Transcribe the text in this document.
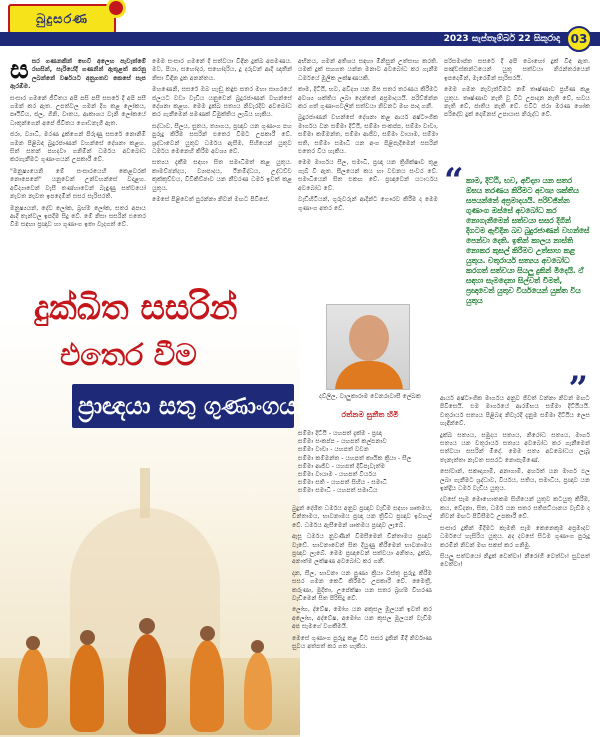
බුදුසරණ
2023 සැප්තැම්බර් 22 සිකුරාදා 03

සසර ගණනකින් හෙවී අලෙහ පැවැත්මේ රහසින්, සැරියේදී ගණනින් ඇතුළත් කරනු ලබන්නේ වර්ෂයට අනුගතව කෙසේ සැප ඇරඹීම.

සංසාර ගමනේ ජීවිතය අපි පසි පසී සසරේ දී අපි පසී ගමන් කර ඇත. උපත්වල ගමන් දිග කළ ලෝකය, පෘථිවිය, ජල, ගිනි, වාතය, ආකාශය වැනි ලෝකයේ ධාතූන්ගෙන් අපේ ජීවිතය ගොඩනැගී ඇත.

ජරා, ව්‍යාධි, මරණ දුක්ගෙන් පිරුණු සසරේ නොනිමි ගමන පිළිබඳ බුදුරජාණන් වහන්සේ දේශනා කළහ. සිත් සතන් පහදවා ගනිමින් ධර්මය අවබෝධ කරගැනීමට ගුණාංගයන් උපකාරී වේ.

"මනුෂ්‍යයෙනි මේ සංසාරයෙහි කෙළවරක් නොපෙනේ" යනුවෙන් උන්වහන්සේ වදාළහ. අවිද්‍යාවෙන් වැසී තණ්හාවෙන් බැඳුණු සත්වයෝ නැවත නැවත ඉපදෙමින් සසර සැරිසරති.

මනුෂ්‍යයන්, දේව ලෝක, බ්‍රහ්ම ලෝක, සතර අපාය ආදී තැන්වල ඉපදීම සිදු වේ. මේ නිසා සසරින් එතෙර වීම සඳහා ප්‍රඥාව හා ගුණාංග ඉතා වැදගත් වේ.

මෙම සංසාර ගමනේ දී සත්වයා විඳින දුක්ඛ අපමණය. මව, පියා, සහෝදර, සහෝදරිය, දූ දරුවන් ආදී ඥාතීන් නිසා විඳින දුක අනන්තය.

මහණෙනි, සසරේ ඔබ හැඬූ කඳුළු සතර මහා සාගරයේ ජලයට වඩා වැඩිය යනුවෙන් බුදුරජාණන් වහන්සේ දේශනා කළහ. මෙම දුක්ඛ සත්‍යය නිවැරදිව අවබෝධ කර ගැනීමෙන් පමණක් විමුක්තිය ලැබිය හැකිය.

සද්ධාව, සීලය, සුතය, ත්‍යාගය, ප්‍රඥාව යන ගුණාංග පහ පුරුදු කිරීම සසරින් එතෙර වීමට උපකාරී වේ. ශ්‍රද්ධාවෙන් යුතුව ධර්මය ඇසීම, සිහියෙන් යුතුව ධර්මය මෙනෙහි කිරීම අවශ්‍ය වේ.

සත්‍යය දැකීම සඳහා සිත සමාධිමත් කළ යුතුය. කාමච්ඡන්දය, ව්‍යාපාදය, ථීනමිද්ධය, උද්ධච්ච කුක්කුච්චය, විචිකිච්ඡාව යන නීවරණ ධර්ම ඉවත් කළ යුතුය.

මෙසේ පිළිවෙත් පුරන්නා නිවන් මඟට පිවිසේ.

අභිනය, ගමන් අතිශය සඳහා මිනිසුන් උත්සාහ කරති. යමක් දුක් සහගත යන්න මනාව අවබෝධ කර ගැනීම ධර්මයේ මූලික ලක්ෂණයකි.

කාම, දිට්ඨි, භව, අවිද්‍යා යන ඕඝ සතර තරණය කිරීමට අවශ්‍ය ශක්තිය ලබා දෙන්නේ අප්‍රමාදයයි. පරිච්ඡින්න කර ගත් ගුණාංගවලින් සත්වයා නිවනට මඟ පාදා ගනී.

බුදුරජාණන් වහන්සේ දේශනා කළ ආර්ය අෂ්ටාංගික මාර්ගය වන සම්මා දිට්ඨි, සම්මා සංකප්ප, සම්මා වාචා, සම්මා කම්මන්ත, සම්මා ආජීව, සම්මා වායාම, සම්මා සති, සම්මා සමාධි යන අංග පිළිපැදීමෙන් සසරින් එතෙර විය හැකිය.

මෙම මාර්ගය සීල, සමාධි, ප්‍රඥා යන ත්‍රිශික්ෂාව තුළ ගැබ් වී ඇත. සීලයෙන් කය හා වචනය සංවර වේ. සමාධියෙන් සිත එකඟ වේ. ප්‍රඥාවෙන් යථාර්ථය අවබෝධ වේ.

වැඩිහිටියන්, ගුරුවරුන් ආදීන්ට ගෞරව කිරීම ද මෙම ගුණාංග අතර වේ.

පරිසමාප්ත සසරේ දී අපි බොහෝ දුක් විඳ ඇත. පඤ්චස්කන්ධයෙන් යුතු සත්වයා නිරන්තරයෙන් ඉපදෙමින්, මැරෙමින් සැරිසරයි.

මෙම ගමන නැවැත්වීමට නම් තෘෂ්ණාව ප්‍රහීණ කළ යුතුය. තෘෂ්ණාව නැති වූ විට උපාදාන නැති වේ, භවය නැති වේ, ජාතිය නැති වේ. එවිට ජරා මරණ ශෝක පරිදේව දුක් දොම්නස් උපායාස නිරුද්ධ වේ.

“ කාම, දිට්ඨි, භව, අවිද්‍යා යන සතර ඕඝය තරණය කිරීමට අවශ්‍ය ශක්තිය සපයන්නේ අප්‍රමාදයයි. පරිච්ඡින්න ගුණාංග ඔස්සේ අවබෝධ කර නොගැනීමෙන් සත්වයා සසර දිගින් දිගටම ඇවිදින බව බුදුරජාණන් වහන්සේ පෙන්වා දෙති. ඉතින් කාලය නාස්ති නොකර කුසල් කිරීමට උත්සාහ කළ යුතුය. චතුරාර්ය සත්‍යය අවබෝධ කරගත් සත්වයා සියලු දුකින් මිදෙයි. ඒ සඳහා සැමදෙනා සිල්වත් වීමත්, ප්‍රඥාවෙන් යුතුව වීර්යයෙන් යුක්ත විය යුතුය
”
දව්ලිල, වාලුකාරාම වෙනරාවාසී ලේඛක
රත්නම සුනීත හිමි
දුක්ඛිත සසරින්
එතෙර වීම
ප්‍රාඥයා සතු ගුණාංගයකි
සම්මා දිට්ඨි - යහපත් දැක්ම - ප්‍රඥා
සම්මා සංකප්ප - යහපත් කල්පනාව
සම්මා වාචා - යහපත් වචන
සම්මා කම්මන්ත - යහපත් කායික ක්‍රියා - සීල
සම්මා ආජීව - යහපත් දිවිපැවැත්ම
සම්මා වායාම - යහපත් වීර්යය
සම්මා සති - යහපත් සිහිය - සමාධි
සම්මා සමාධි - යහපත් සමාධිය

බුදුන් දේශිත ධර්මය අනුව ප්‍රඥාව වැඩීම සඳහා ශ්‍රුතමය, චින්තාමය, භාවනාමය ප්‍රඥා යන ත්‍රිවිධ ප්‍රඥාව ඉවහල් වේ. ධර්මය ඇසීමෙන් ශ්‍රුතමය ප්‍රඥාව ලැබේ.

ඇසූ ධර්මය නුවණින් විමසීමෙන් චින්තාමය ප්‍රඥාව වැඩේ. භාවනාවෙන් සිත දියුණු කිරීමෙන් භාවනාමය ප්‍රඥාව ලැබේ. මෙම ප්‍රඥාවෙන් සත්වයා අනිත්‍ය, දුක්ඛ, අනාත්ම ලක්ෂණ අවබෝධ කර ගනී.

දාන, සීල, භාවනා යන පුණ්‍ය ක්‍රියා වස්තු පුරුදු කිරීම සසර ගමන කෙටි කිරීමට උපකාරී වේ. මෛත්‍රී, කරුණා, මුදිතා, උපේක්ෂා යන සතර බ්‍රහ්ම විහරණ වැඩීමෙන් සිත පිරිසිදු වේ.

ලෝභ, ද්වේෂ, මෝහ යන අකුසල මූලයන් ඉවත් කර අලෝභ, අද්වේෂ, අමෝහ යන කුසල මූලයන් වැඩීම අප සැමගේ වගකීමයි.

මෙසේ ගුණාංග පුරුදු කළ විට සසර දුකින් මිදී නිර්වාණ සුවය අත්පත් කර ගත හැකිය.

ආර්ය අෂ්ටාංගික මාර්ගය අනුව ජීවත් වන්නා නිවන් මඟට පිවිසෙයි. එම මාර්ගයේ ආරම්භය සම්මා දිට්ඨියයි. චතුරාර්ය සත්‍යය පිළිබඳ නිවැරදි දැනුම සම්මා දිට්ඨිය ලෙස හැඳින්වේ.

දුක්ඛ සත්‍යය, සමුදය සත්‍යය, නිරෝධ සත්‍යය, මාර්ග සත්‍යය යන චතුරාර්ය සත්‍යය අවබෝධ කර ගැනීමෙන් සත්වයා සසරින් මිදේ. මෙම සත්‍ය අවබෝධය ලැබූ තැනැත්තා නැවත සසරට නොපැමිණේ.

සෝවාන්, සකෘදාගාමී, අනාගාමී, අර්හත් යන මාර්ග ඵල ලබා ගැනීමට ශ්‍රද්ධාව, වීර්යය, සතිය, සමාධිය, ප්‍රඥාව යන ඉන්ද්‍රිය ධර්ම වැඩිය යුතුය.

දවසේ සෑම මොහොතකම සිහියෙන් යුතුව කටයුතු කිරීම, කය, වේදනා, සිත, ධර්ම යන සතර සතිපට්ඨානය වැඩීම ද නිවන් මඟට පිවිසීමට උපකාරී වේ.

සංසාර දුකින් මිදීමට කැමති සෑම කෙනෙකුම අප්‍රමාදව ධර්මයේ හැසිරිය යුතුය. අද දවසේ සිටම ගුණාංග පුරුදු කරමින් නිවන් මඟ සකස් කර ගනිමු.

සියලු සත්වයෝ නිදුක් වෙත්වා! නීරෝගී වෙත්වා! සුවපත් වෙත්වා!
